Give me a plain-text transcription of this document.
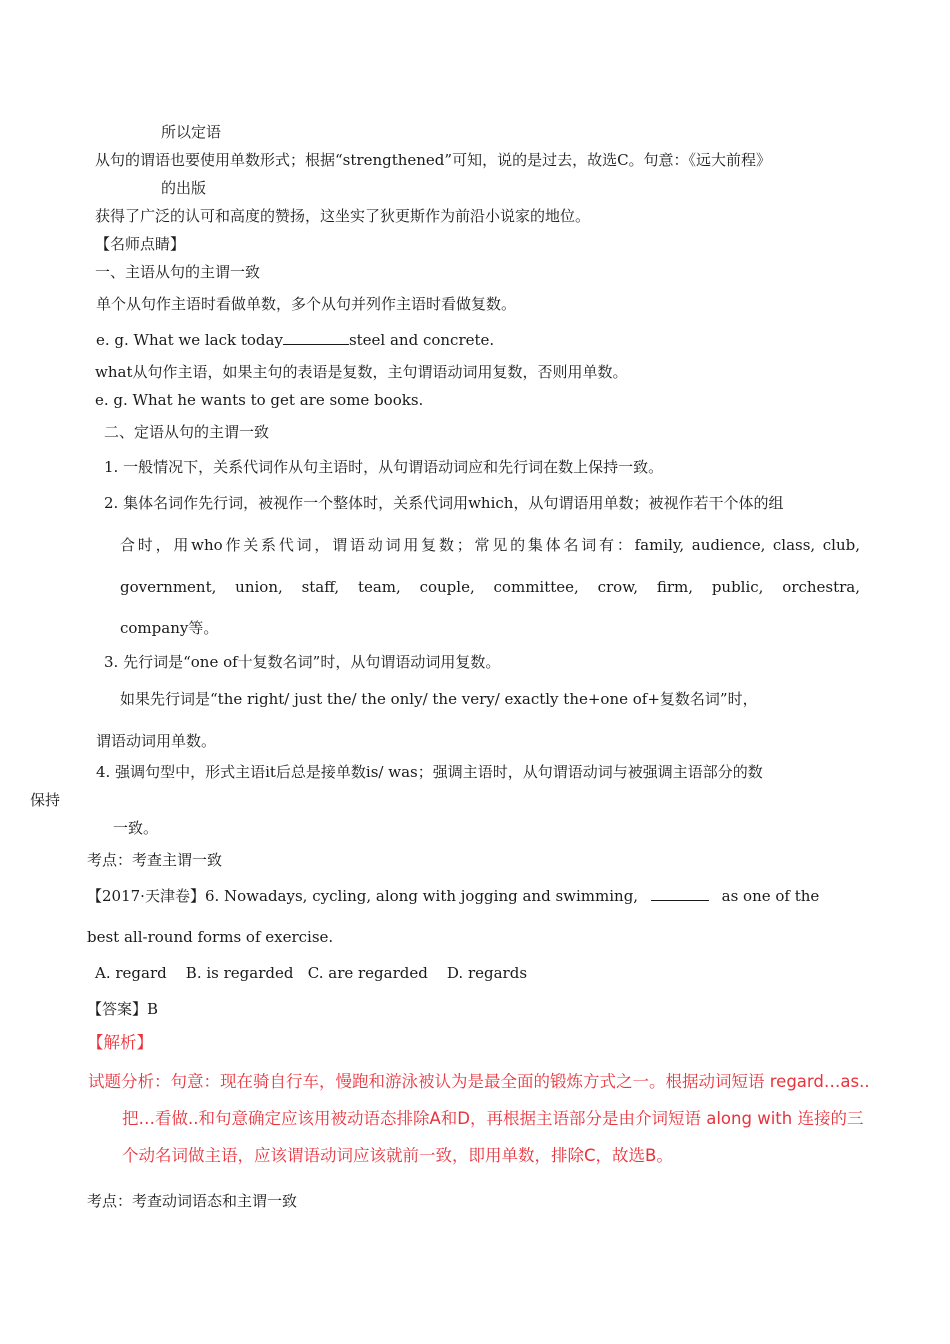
所以定语
从句的谓语也要使用单数形式；根据“strengthened”可知，说的是过去，故选C。句意：《远大前程》
的出版
获得了广泛的认可和高度的赞扬，这坐实了狄更斯作为前沿小说家的地位。
【名师点睛】
一、主语从句的主谓一致
单个从句作主语时看做单数，多个从句并列作主语时看做复数。
e. g. What we lack today	steel and concrete.
what从句作主语，如果主句的表语是复数，主句谓语动词用复数，否则用单数。
e. g. What he wants to get are some books.
二、定语从句的主谓一致
1. 一般情况下，关系代词作从句主语时，从句谓语动词应和先行词在数上保持一致。
2. 集体名词作先行词，被视作一个整体时，关系代词用which，从句谓语用单数；被视作若干个体的组
合时，用who作关系代词，谓语动词用复数；常见的集体名词有：family, audience, class, club,
government, union, staff, team, couple, committee, crow, firm, public, orchestra,
company等。
3. 先行词是“one of十复数名词”时，从句谓语动词用复数。
如果先行词是“the right/ just the/ the only/ the very/ exactly the+one of+复数名词”时，
谓语动词用单数。
4. 强调句型中，形式主语it后总是接单数is/ was；强调主语时，从句谓语动词与被强调主语部分的数
保持
一致。
考点：考查主谓一致
【2017·天津卷】6. Nowadays, cycling, along with jogging and swimming,	as one of the
best all-round forms of exercise.
A. regard    B. is regarded   C. are regarded    D. regards
【答案】B
【解析】
试题分析：句意：现在骑自行车，慢跑和游泳被认为是最全面的锻炼方式之一。根据动词短语 regard…as..
把…看做..和句意确定应该用被动语态排除A和D，再根据主语部分是由介词短语 along with 连接的三
个动名词做主语，应该谓语动词应该就前一致，即用单数，排除C，故选B。
考点：考查动词语态和主谓一致
